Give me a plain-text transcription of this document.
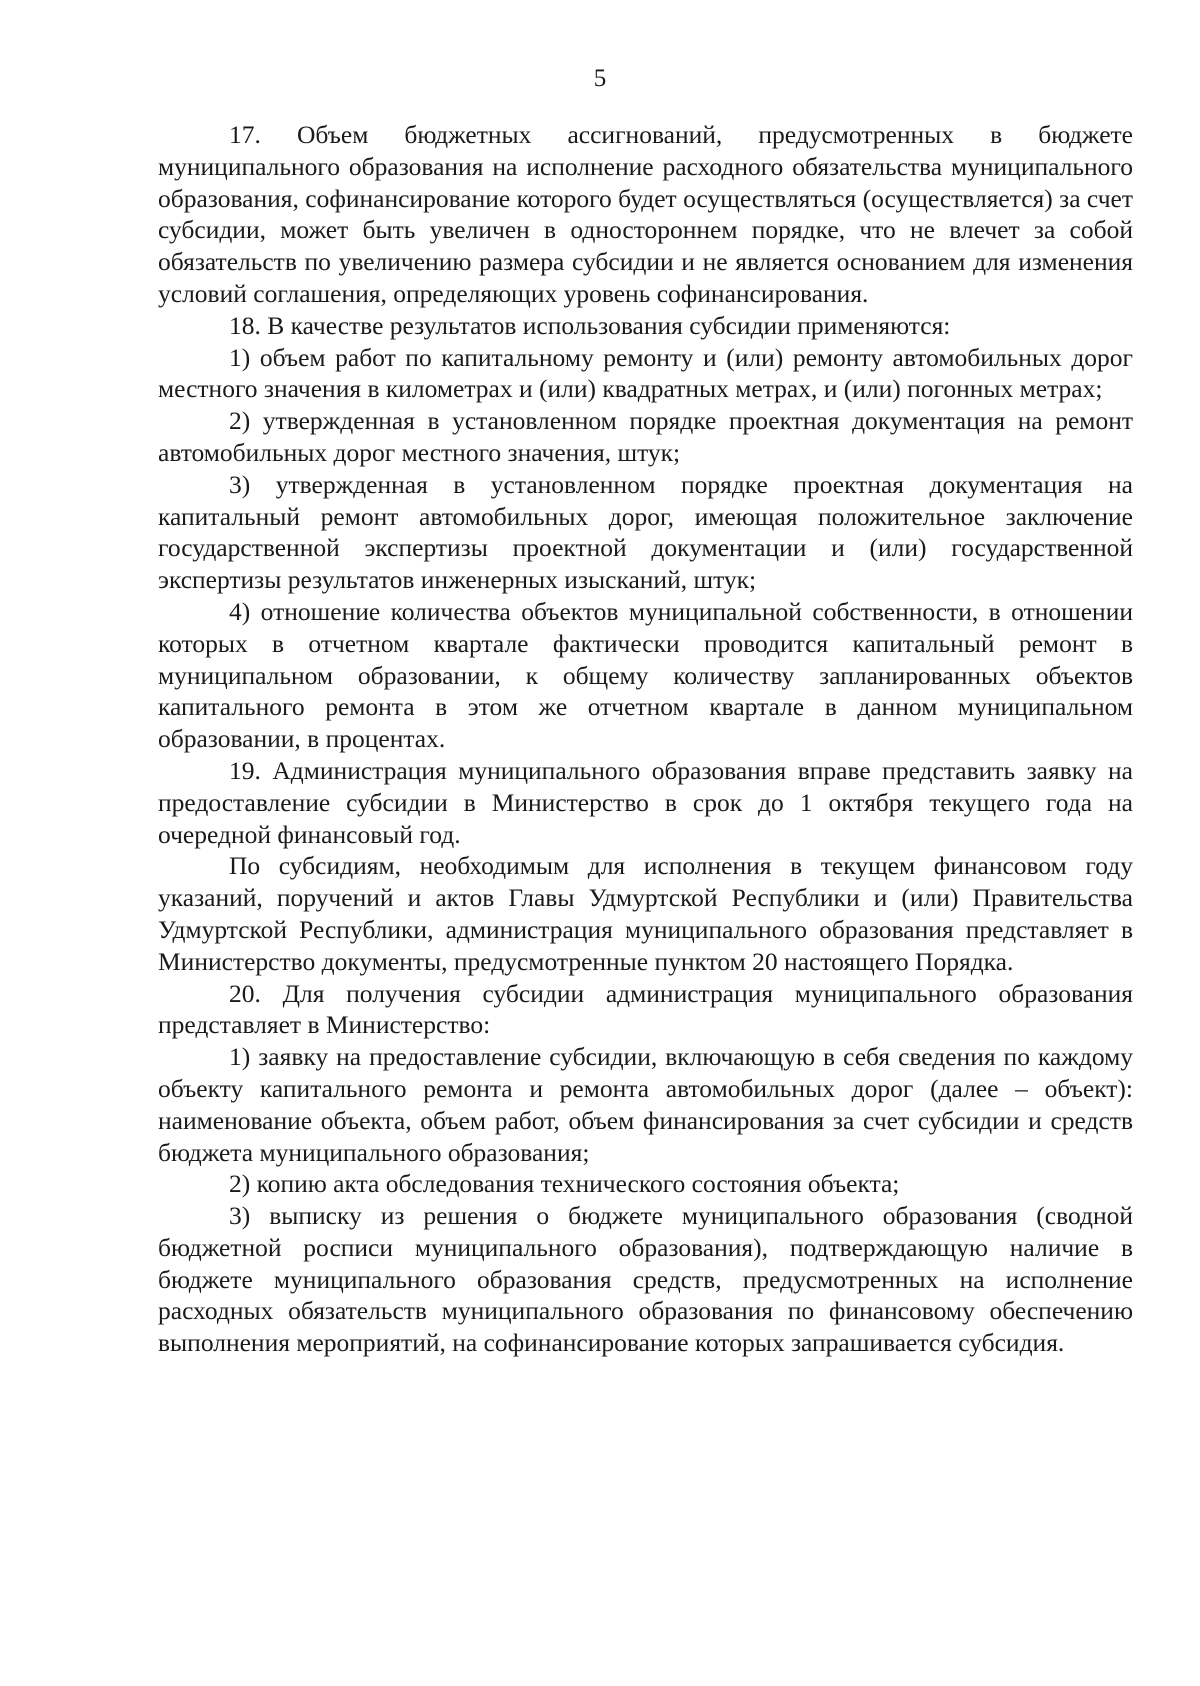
5

17. Объем бюджетных ассигнований, предусмотренных в бюджете муниципального образования на исполнение расходного обязательства муниципального образования, софинансирование которого будет осуществляться (осуществляется) за счет субсидии, может быть увеличен в одностороннем порядке, что не влечет за собой обязательств по увеличению размера субсидии и не является основанием для изменения условий соглашения, определяющих уровень софинансирования.

18. В качестве результатов использования субсидии применяются:

1) объем работ по капитальному ремонту и (или) ремонту автомобильных дорог местного значения в километрах и (или) квадратных метрах, и (или) погонных метрах;

2) утвержденная в установленном порядке проектная документация на ремонт автомобильных дорог местного значения, штук;

3) утвержденная в установленном порядке проектная документация на капитальный ремонт автомобильных дорог, имеющая положительное заключение государственной экспертизы проектной документации и (или) государственной экспертизы результатов инженерных изысканий, штук;

4) отношение количества объектов муниципальной собственности, в отношении которых в отчетном квартале фактически проводится капитальный ремонт в муниципальном образовании, к общему количеству запланированных объектов капитального ремонта в этом же отчетном квартале в данном муниципальном образовании, в процентах.

19. Администрация муниципального образования вправе представить заявку на предоставление субсидии в Министерство в срок до 1 октября текущего года на очередной финансовый год.

По субсидиям, необходимым для исполнения в текущем финансовом году указаний, поручений и актов Главы Удмуртской Республики и (или) Правительства Удмуртской Республики, администрация муниципального образования представляет в Министерство документы, предусмотренные пунктом 20 настоящего Порядка.

20. Для получения субсидии администрация муниципального образования представляет в Министерство:

1) заявку на предоставление субсидии, включающую в себя сведения по каждому объекту капитального ремонта и ремонта автомобильных дорог (далее – объект): наименование объекта, объем работ, объем финансирования за счет субсидии и средств бюджета муниципального образования;

2) копию акта обследования технического состояния объекта;

3) выписку из решения о бюджете муниципального образования (сводной бюджетной росписи муниципального образования), подтверждающую наличие в бюджете муниципального образования средств, предусмотренных на исполнение расходных обязательств муниципального образования по финансовому обеспечению выполнения мероприятий, на софинансирование которых запрашивается субсидия.
